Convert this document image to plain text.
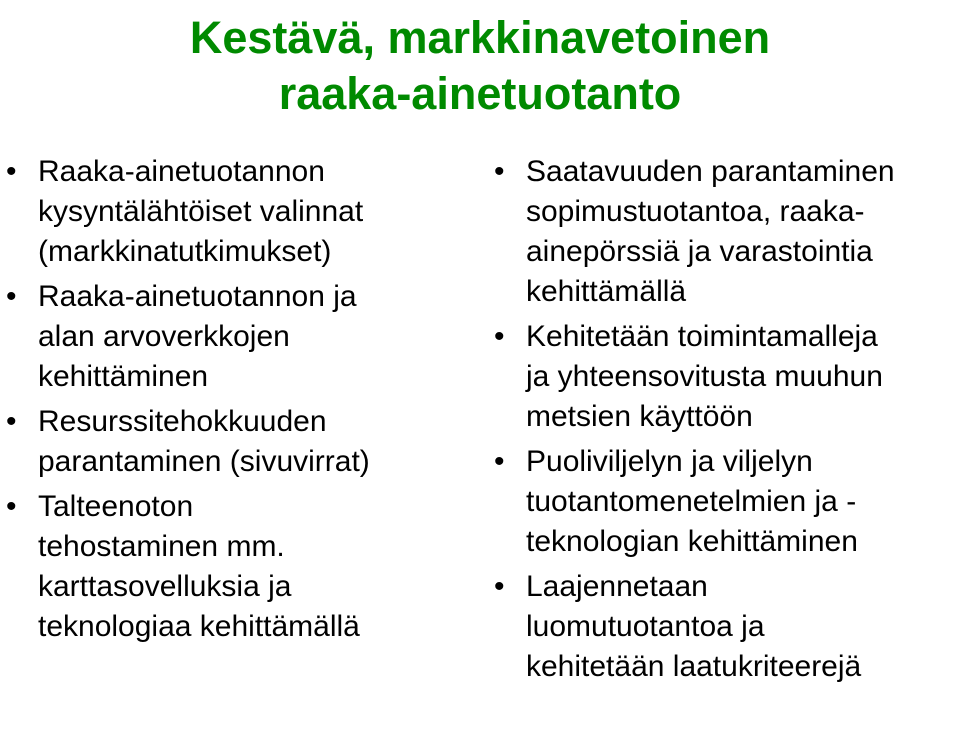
Kestävä, markkinavetoinen
raaka-ainetuotanto
• Raaka-ainetuotannon
kysyntälähtöiset valinnat
(markkinatutkimukset)
• Raaka-ainetuotannon ja
alan arvoverkkojen
kehittäminen
• Resurssitehokkuuden
parantaminen (sivuvirrat)
• Talteenoton
tehostaminen mm.
karttasovelluksia ja
teknologiaa kehittämällä
• Saatavuuden parantaminen
sopimustuotantoa, raaka-
ainepörssiä ja varastointia
kehittämällä
• Kehitetään toimintamalleja
ja yhteensovitusta muuhun
metsien käyttöön
• Puoliviljelyn ja viljelyn
tuotantomenetelmien ja -
teknologian kehittäminen
• Laajennetaan
luomutuotantoa ja
kehitetään laatukriteerejä
